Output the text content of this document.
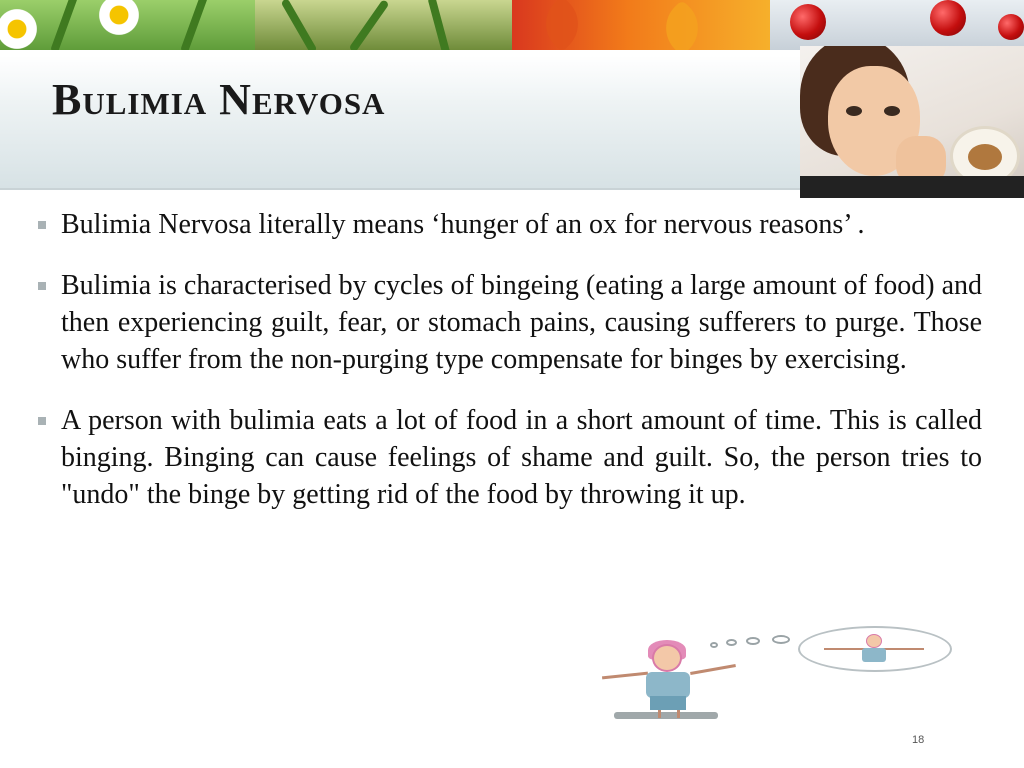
Bulimia Nervosa

Bulimia Nervosa literally means ‘hunger of an ox for nervous reasons’ .

Bulimia is characterised by cycles of bingeing (eating a large amount of food) and then experiencing guilt, fear, or stomach pains, causing sufferers to purge. Those who suffer from the non-purging type compensate for binges by exercising.

A person with bulimia eats a lot of food in a short amount of time. This is called binging. Binging can cause feelings of shame and guilt. So, the person tries to "undo" the binge by getting rid of the food by throwing it up.

18
